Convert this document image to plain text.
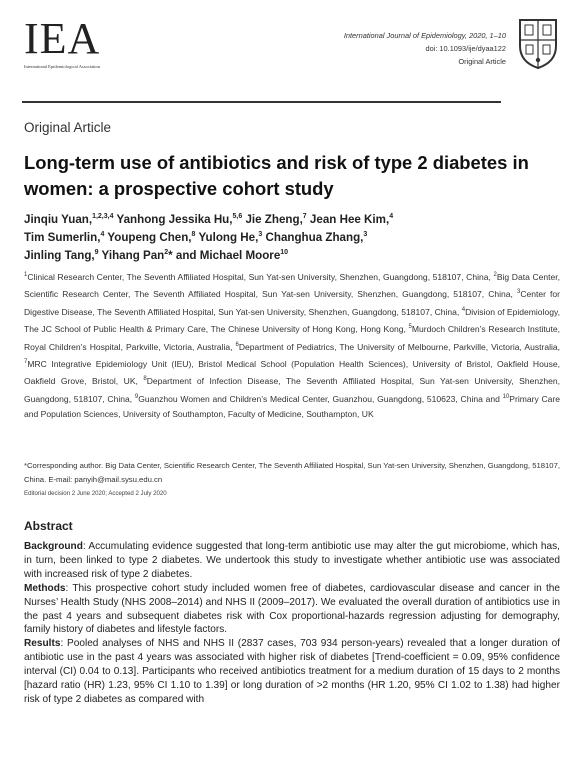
IEA
International Epidemiological Association
International Journal of Epidemiology, 2020, 1–10
doi: 10.1093/ije/dyaa122
Original Article
Original Article
Long-term use of antibiotics and risk of type 2 diabetes in women: a prospective cohort study
Jinqiu Yuan,$^{1,2,3,4}$ Yanhong Jessika Hu,$^{5,6}$ Jie Zheng,$^7$ Jean Hee Kim,$^4$
Tim Sumerlin,$^4$ Youpeng Chen,$^8$ Yulong He,$^3$ Changhua Zhang,$^3$
Jinling Tang,$^9$ Yihang Pan$^2$* and Michael Moore$^{10}$
$^1$Clinical Research Center, The Seventh Affiliated Hospital, Sun Yat-sen University, Shenzhen, Guangdong, 518107, China, $^2$Big Data Center, Scientific Research Center, The Seventh Affiliated Hospital, Sun Yat-sen University, Shenzhen, Guangdong, 518107, China, $^3$Center for Digestive Disease, The Seventh Affiliated Hospital, Sun Yat-sen University, Shenzhen, Guangdong, 518107, China, $^4$Division of Epidemiology, The JC School of Public Health & Primary Care, The Chinese University of Hong Kong, Hong Kong, $^5$Murdoch Children’s Research Institute, Royal Children’s Hospital, Parkville, Victoria, Australia, $^6$Department of Pediatrics, The University of Melbourne, Parkville, Victoria, Australia, $^7$MRC Integrative Epidemiology Unit (IEU), Bristol Medical School (Population Health Sciences), University of Bristol, Oakfield House, Oakfield Grove, Bristol, UK, $^8$Department of Infection Disease, The Seventh Affiliated Hospital, Sun Yat-sen University, Shenzhen, Guangdong, 518107, China, $^9$Guanzhou Women and Children’s Medical Center, Guanzhou, Guangdong, 510623, China and $^{10}$Primary Care and Population Sciences, University of Southampton, Faculty of Medicine, Southampton, UK
*Corresponding author. Big Data Center, Scientific Research Center, The Seventh Affiliated Hospital, Sun Yat-sen University, Shenzhen, Guangdong, 518107, China. E-mail: panyih@mail.sysu.edu.cn
Editorial decision 2 June 2020; Accepted 2 July 2020
Abstract

Background: Accumulating evidence suggested that long-term antibiotic use may alter the gut microbiome, which has, in turn, been linked to type 2 diabetes. We undertook this study to investigate whether antibiotic use was associated with increased risk of type 2 diabetes.

Methods: This prospective cohort study included women free of diabetes, cardiovascular disease and cancer in the Nurses’ Health Study (NHS 2008–2014) and NHS II (2009–2017). We evaluated the overall duration of antibiotics use in the past 4 years and subsequent diabetes risk with Cox proportional-hazards regression adjusting for demography, family history of diabetes and lifestyle factors.

Results: Pooled analyses of NHS and NHS II (2837 cases, 703 934 person-years) revealed that a longer duration of antibiotic use in the past 4 years was associated with higher risk of diabetes [Trend-coefficient = 0.09, 95% confidence interval (CI) 0.04 to 0.13]. Participants who received antibiotics treatment for a medium duration of 15 days to 2 months [hazard ratio (HR) 1.23, 95% CI 1.10 to 1.39] or long duration of >2 months (HR 1.20, 95% CI 1.02 to 1.38) had higher risk of type 2 diabetes as compared with
